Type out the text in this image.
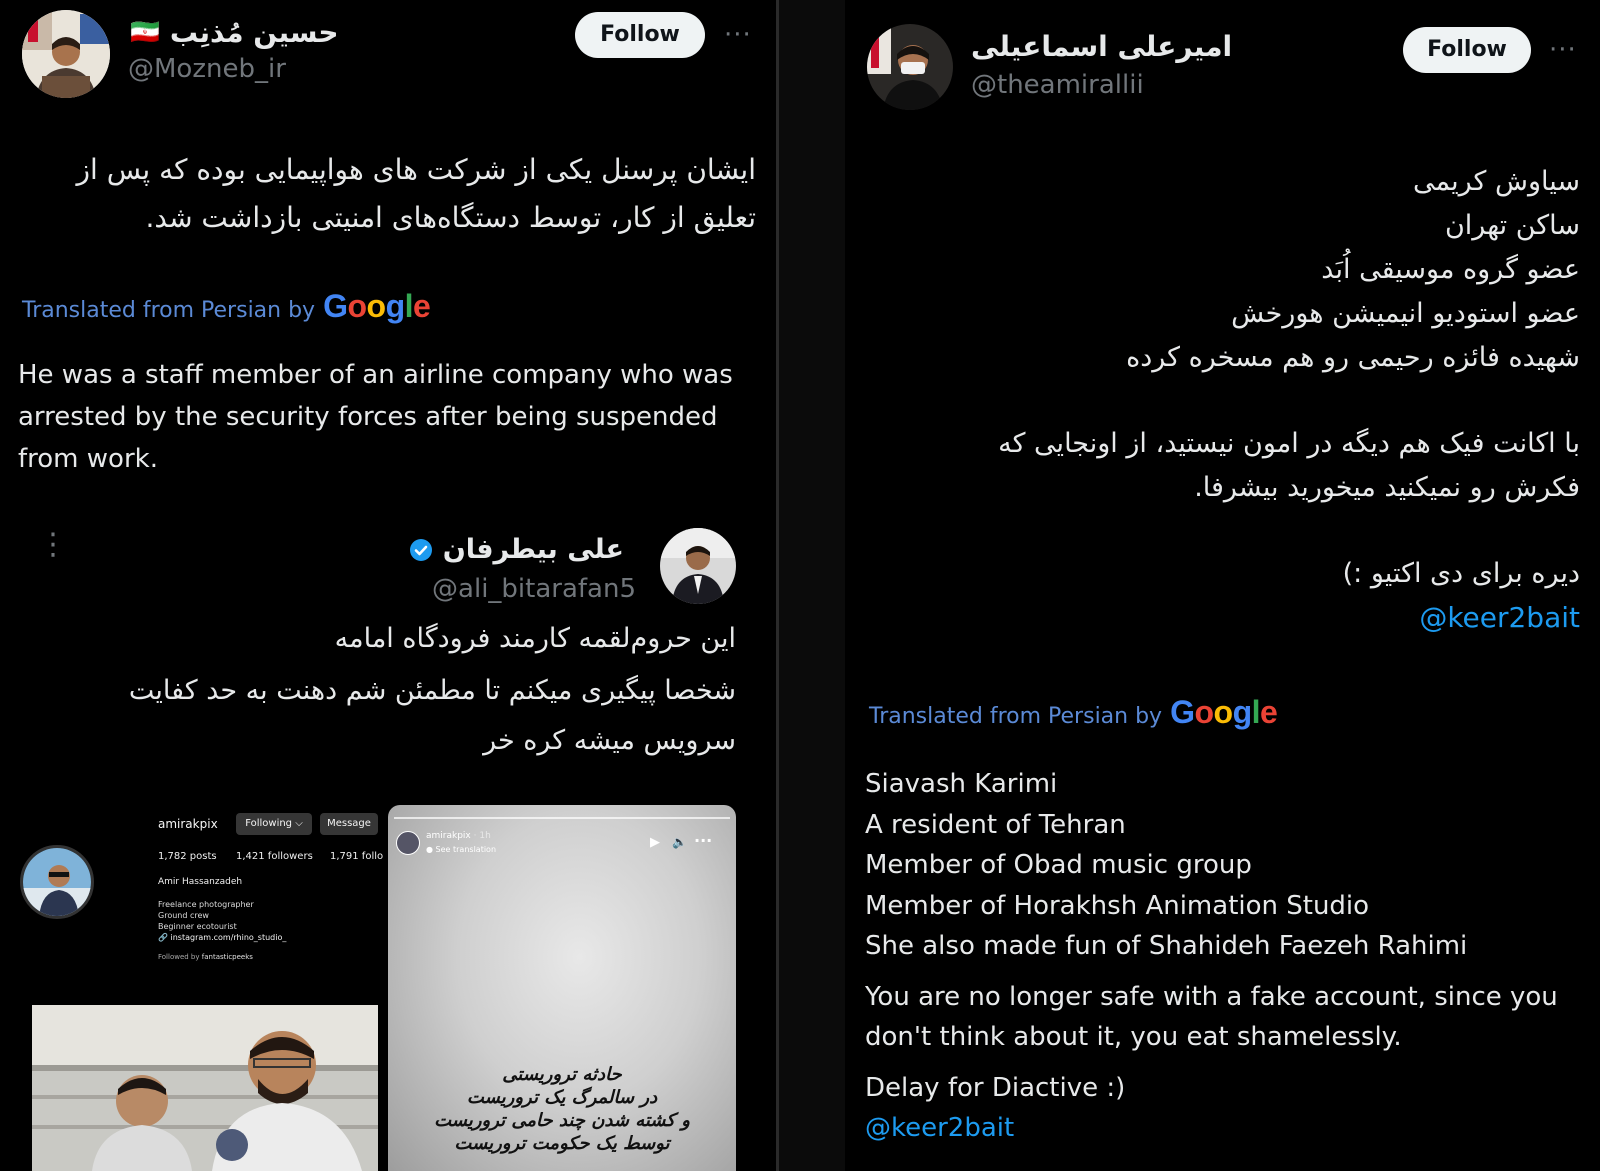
🇮🇷 حسین مُذنِب
@Mozneb_ir
Follow	···
ایشان پرسنل یکی از شرکت های هواپیمایی بوده که پس از
تعلیق از کار، توسط دستگاه‌های امنیتی بازداشت شد.
Translated from Persian by Google
He was a staff member of an airline company who was
arrested by the security forces after being suspended
from work.
⋮	علی بیطرفان
@ali_bitarafan5
این حروم‌لقمه کارمند فرودگاه امامه
شخصا پیگیری میکنم تا مطمئن شم دهنت به حد کفایت
سرویس میشه کره خر
amirakpix	Following ⌵	Message
1,782 posts 1,421 followers 1,791 follo
Amir Hassanzadeh
Freelance photographer
Ground crew
Beginner ecotourist
🔗 instagram.com/rhino_studio_
Followed by fantasticpeeks
amirakpix · 1h
● See translation	▶ 🔈 ···
حادثه تروریستی
در سالمرگ یک تروریست
و کشته شدن چند حامی تروریست
توسط یک حکومت تروریست
امیرعلی اسماعیلی
@theamirallii
Follow	···
سیاوش کریمی
ساکن تهران
عضو گروه موسیقی اُبَد
عضو استودیو انیمیشن هورخش
شهیده فائزه رحیمی رو هم مسخره کرده
با اکانت فیک هم دیگه در امون نیستید، از اونجایی که
فکرش رو نمیکنید میخورید بیشرفا.
دیره برای دی اکتیو :)
@keer2bait
Translated from Persian by Google
Siavash Karimi
A resident of Tehran
Member of Obad music group
Member of Horakhsh Animation Studio
She also made fun of Shahideh Faezeh Rahimi
You are no longer safe with a fake account, since you
don't think about it, you eat shamelessly.
Delay for Diactive :)
@keer2bait
